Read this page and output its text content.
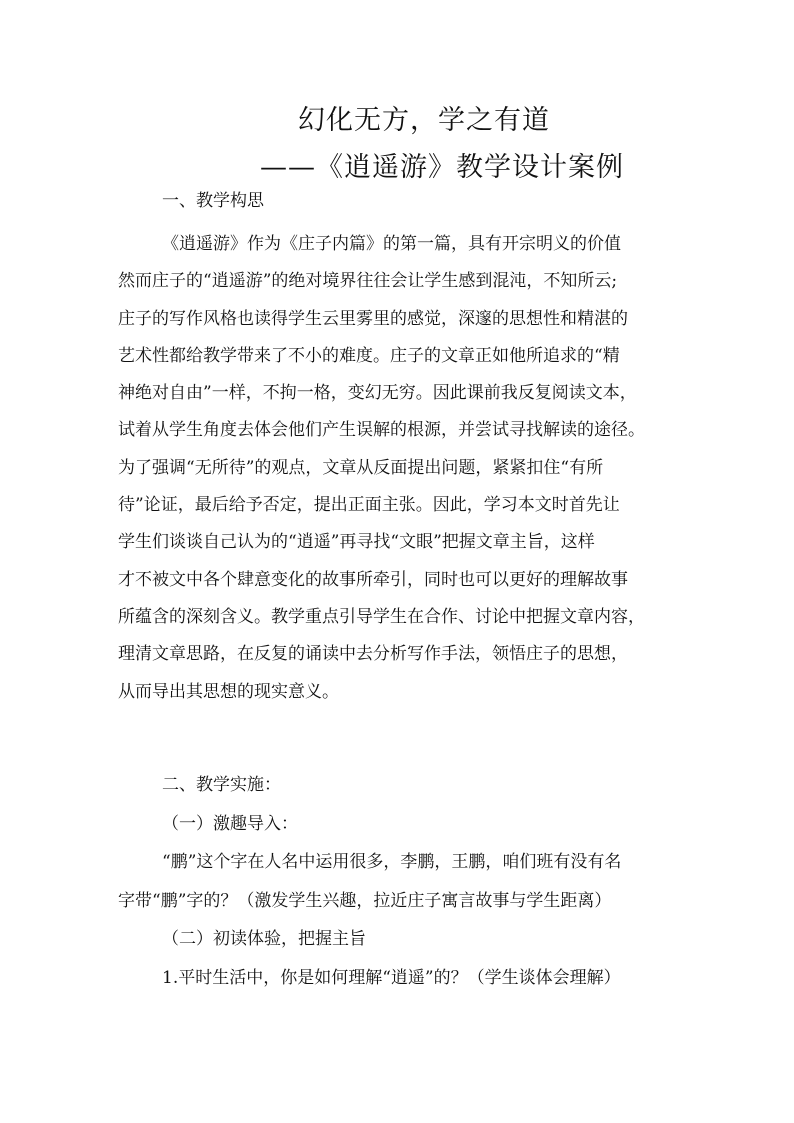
幻化无方，学之有道
——《逍遥游》教学设计案例
一、教学构思
《逍遥游》作为《庄子内篇》的第一篇，具有开宗明义的价值
然而庄子的“逍遥游”的绝对境界往往会让学生感到混沌，不知所云;
庄子的写作风格也读得学生云里雾里的感觉，深邃的思想性和精湛的
艺术性都给教学带来了不小的难度。庄子的文章正如他所追求的“精
神绝对自由”一样，不拘一格，变幻无穷。因此课前我反复阅读文本，
试着从学生角度去体会他们产生误解的根源，并尝试寻找解读的途径。
为了强调“无所待”的观点，文章从反面提出问题，紧紧扣住“有所
待”论证，最后给予否定，提出正面主张。因此，学习本文时首先让
学生们谈谈自己认为的“逍遥”再寻找“文眼”把握文章主旨，这样
才不被文中各个肆意变化的故事所牵引，同时也可以更好的理解故事
所蕴含的深刻含义。教学重点引导学生在合作、讨论中把握文章内容，
理清文章思路，在反复的诵读中去分析写作手法，领悟庄子的思想，
从而导出其思想的现实意义。
二、教学实施：
（一）激趣导入：
“鹏”这个字在人名中运用很多，李鹏，王鹏，咱们班有没有名
字带“鹏”字的？（激发学生兴趣，拉近庄子寓言故事与学生距离）
（二）初读体验，把握主旨
1.平时生活中，你是如何理解“逍遥”的？（学生谈体会理解）
